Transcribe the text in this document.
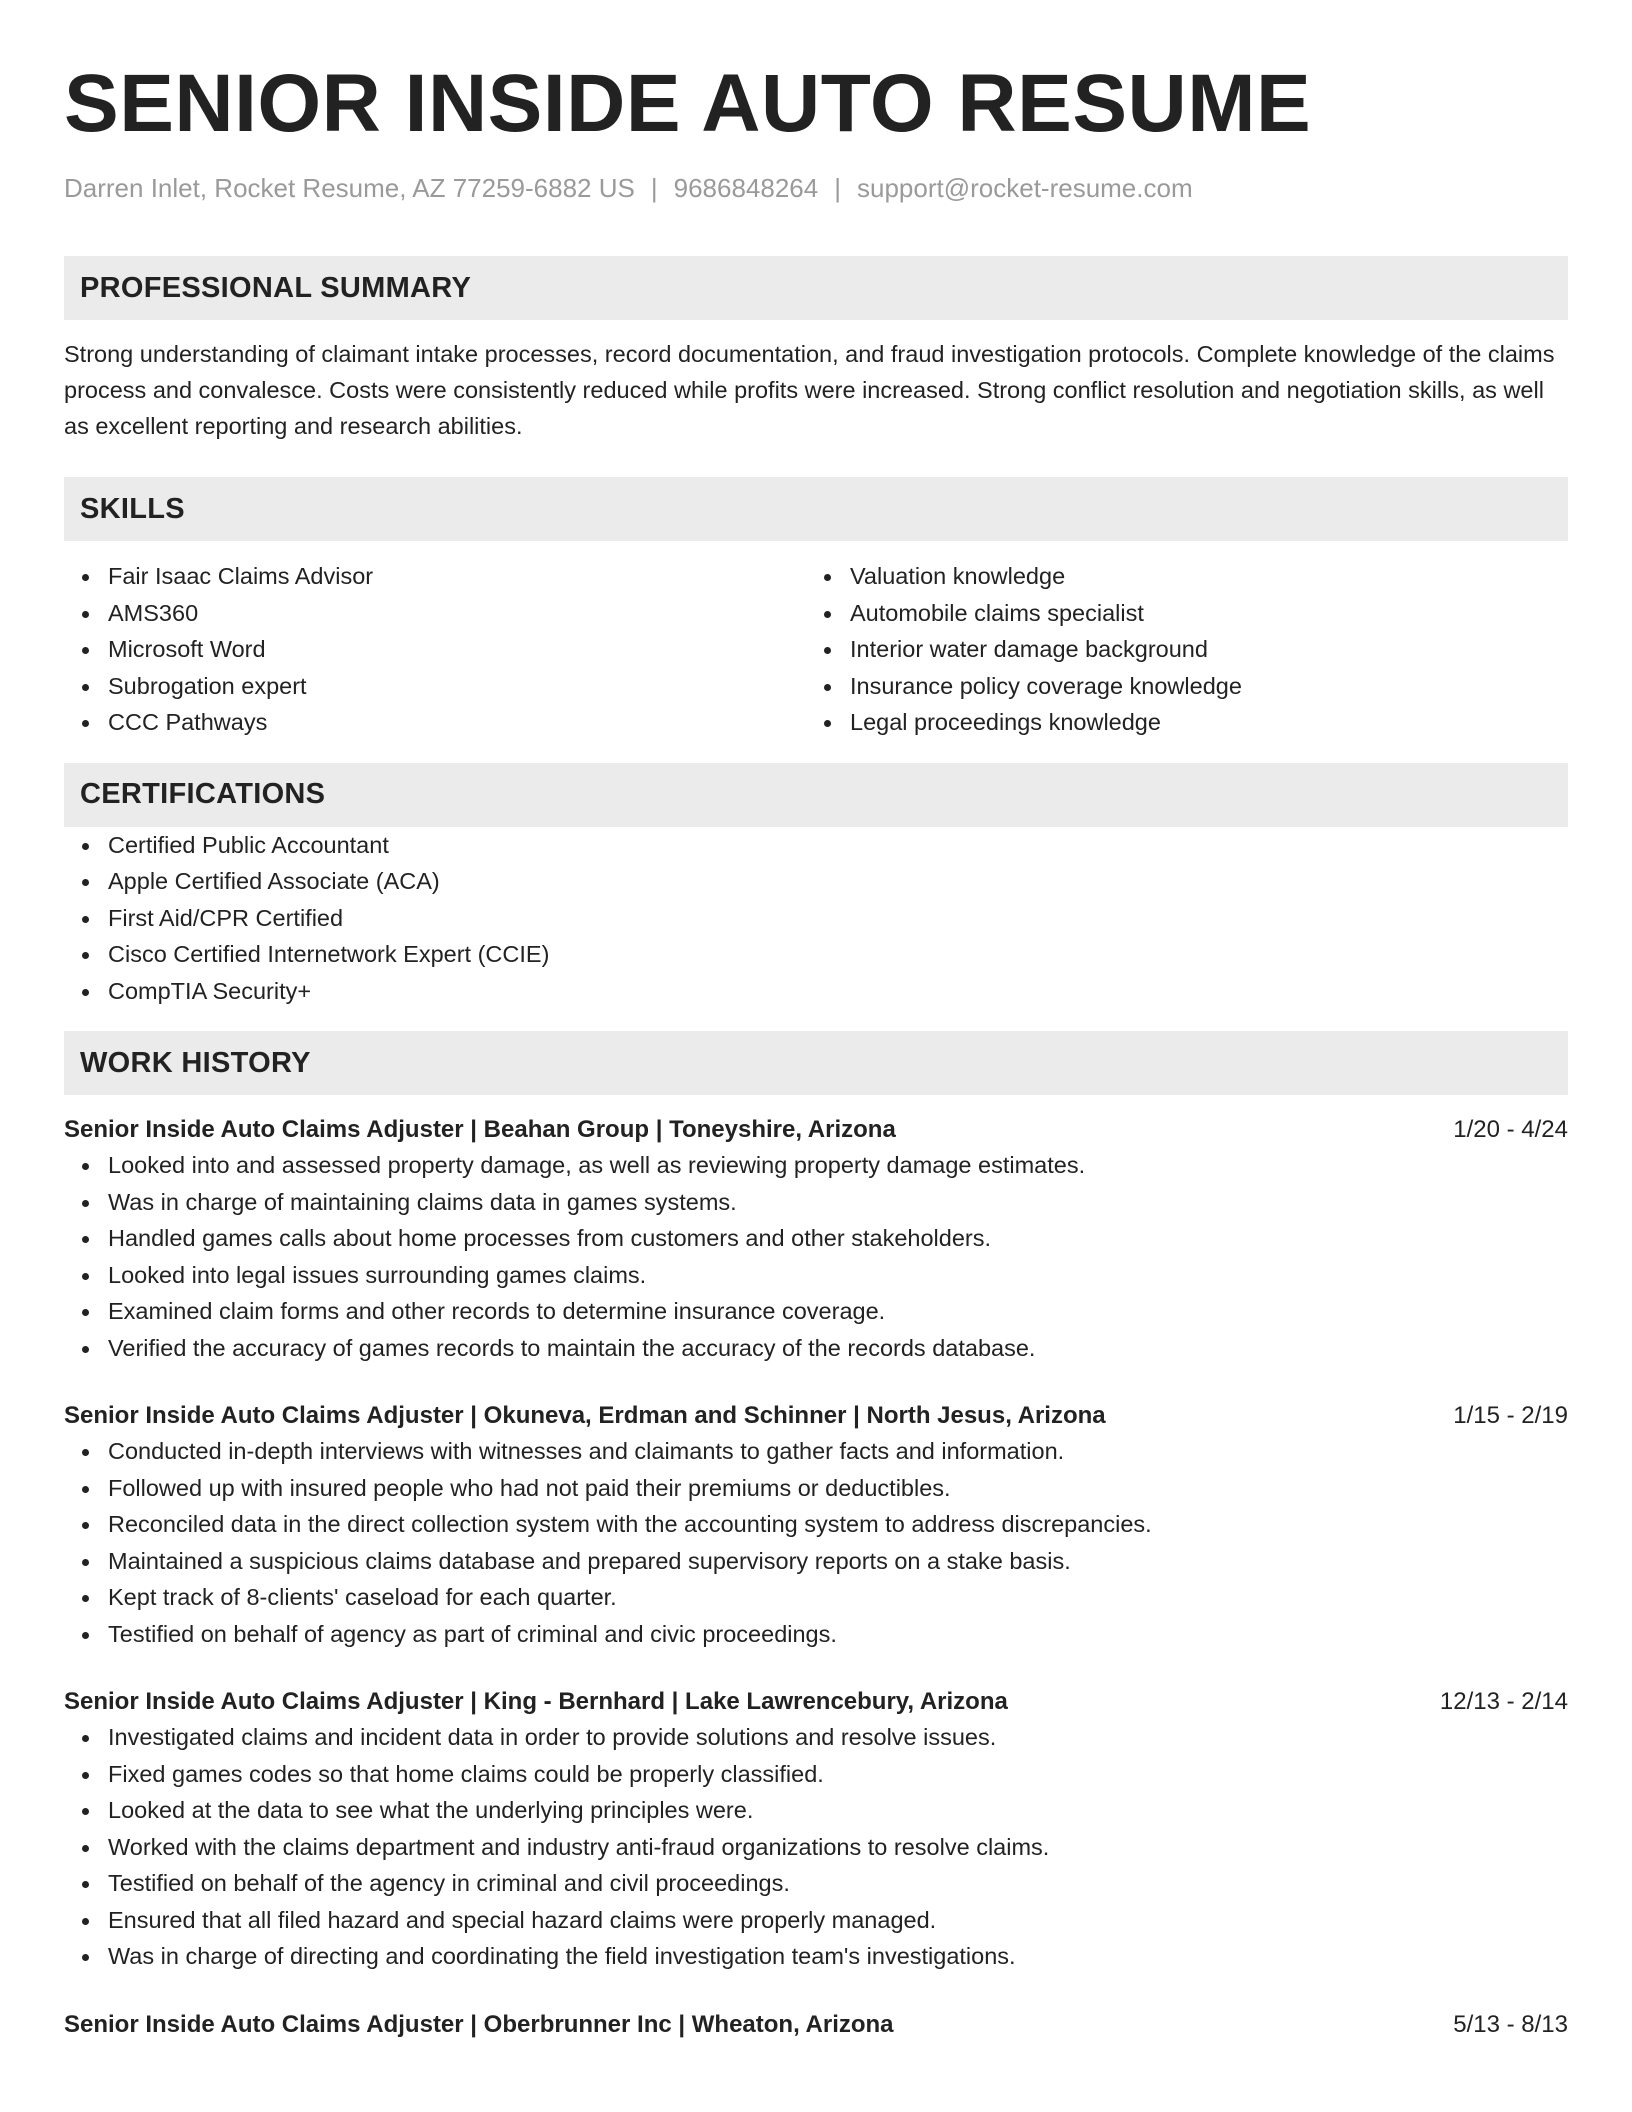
SENIOR INSIDE AUTO RESUME
Darren Inlet, Rocket Resume, AZ 77259-6882 US | 9686848264 | support@rocket-resume.com
PROFESSIONAL SUMMARY

Strong understanding of claimant intake processes, record documentation, and fraud investigation protocols. Complete knowledge of the claims process and convalesce. Costs were consistently reduced while profits were increased. Strong conflict resolution and negotiation skills, as well as excellent reporting and research abilities.

SKILLS
Fair Isaac Claims Advisor
AMS360
Microsoft Word
Subrogation expert
CCC Pathways
Valuation knowledge
Automobile claims specialist
Interior water damage background
Insurance policy coverage knowledge
Legal proceedings knowledge
CERTIFICATIONS
Certified Public Accountant
Apple Certified Associate (ACA)
First Aid/CPR Certified
Cisco Certified Internetwork Expert (CCIE)
CompTIA Security+
WORK HISTORY
Senior Inside Auto Claims Adjuster | Beahan Group | Toneyshire, Arizona	1/20 - 4/24
Looked into and assessed property damage, as well as reviewing property damage estimates.
Was in charge of maintaining claims data in games systems.
Handled games calls about home processes from customers and other stakeholders.
Looked into legal issues surrounding games claims.
Examined claim forms and other records to determine insurance coverage.
Verified the accuracy of games records to maintain the accuracy of the records database.
Senior Inside Auto Claims Adjuster | Okuneva, Erdman and Schinner | North Jesus, Arizona	1/15 - 2/19
Conducted in-depth interviews with witnesses and claimants to gather facts and information.
Followed up with insured people who had not paid their premiums or deductibles.
Reconciled data in the direct collection system with the accounting system to address discrepancies.
Maintained a suspicious claims database and prepared supervisory reports on a stake basis.
Kept track of 8-clients' caseload for each quarter.
Testified on behalf of agency as part of criminal and civic proceedings.
Senior Inside Auto Claims Adjuster | King - Bernhard | Lake Lawrencebury, Arizona	12/13 - 2/14
Investigated claims and incident data in order to provide solutions and resolve issues.
Fixed games codes so that home claims could be properly classified.
Looked at the data to see what the underlying principles were.
Worked with the claims department and industry anti-fraud organizations to resolve claims.
Testified on behalf of the agency in criminal and civil proceedings.
Ensured that all filed hazard and special hazard claims were properly managed.
Was in charge of directing and coordinating the field investigation team's investigations.
Senior Inside Auto Claims Adjuster | Oberbrunner Inc | Wheaton, Arizona	5/13 - 8/13
